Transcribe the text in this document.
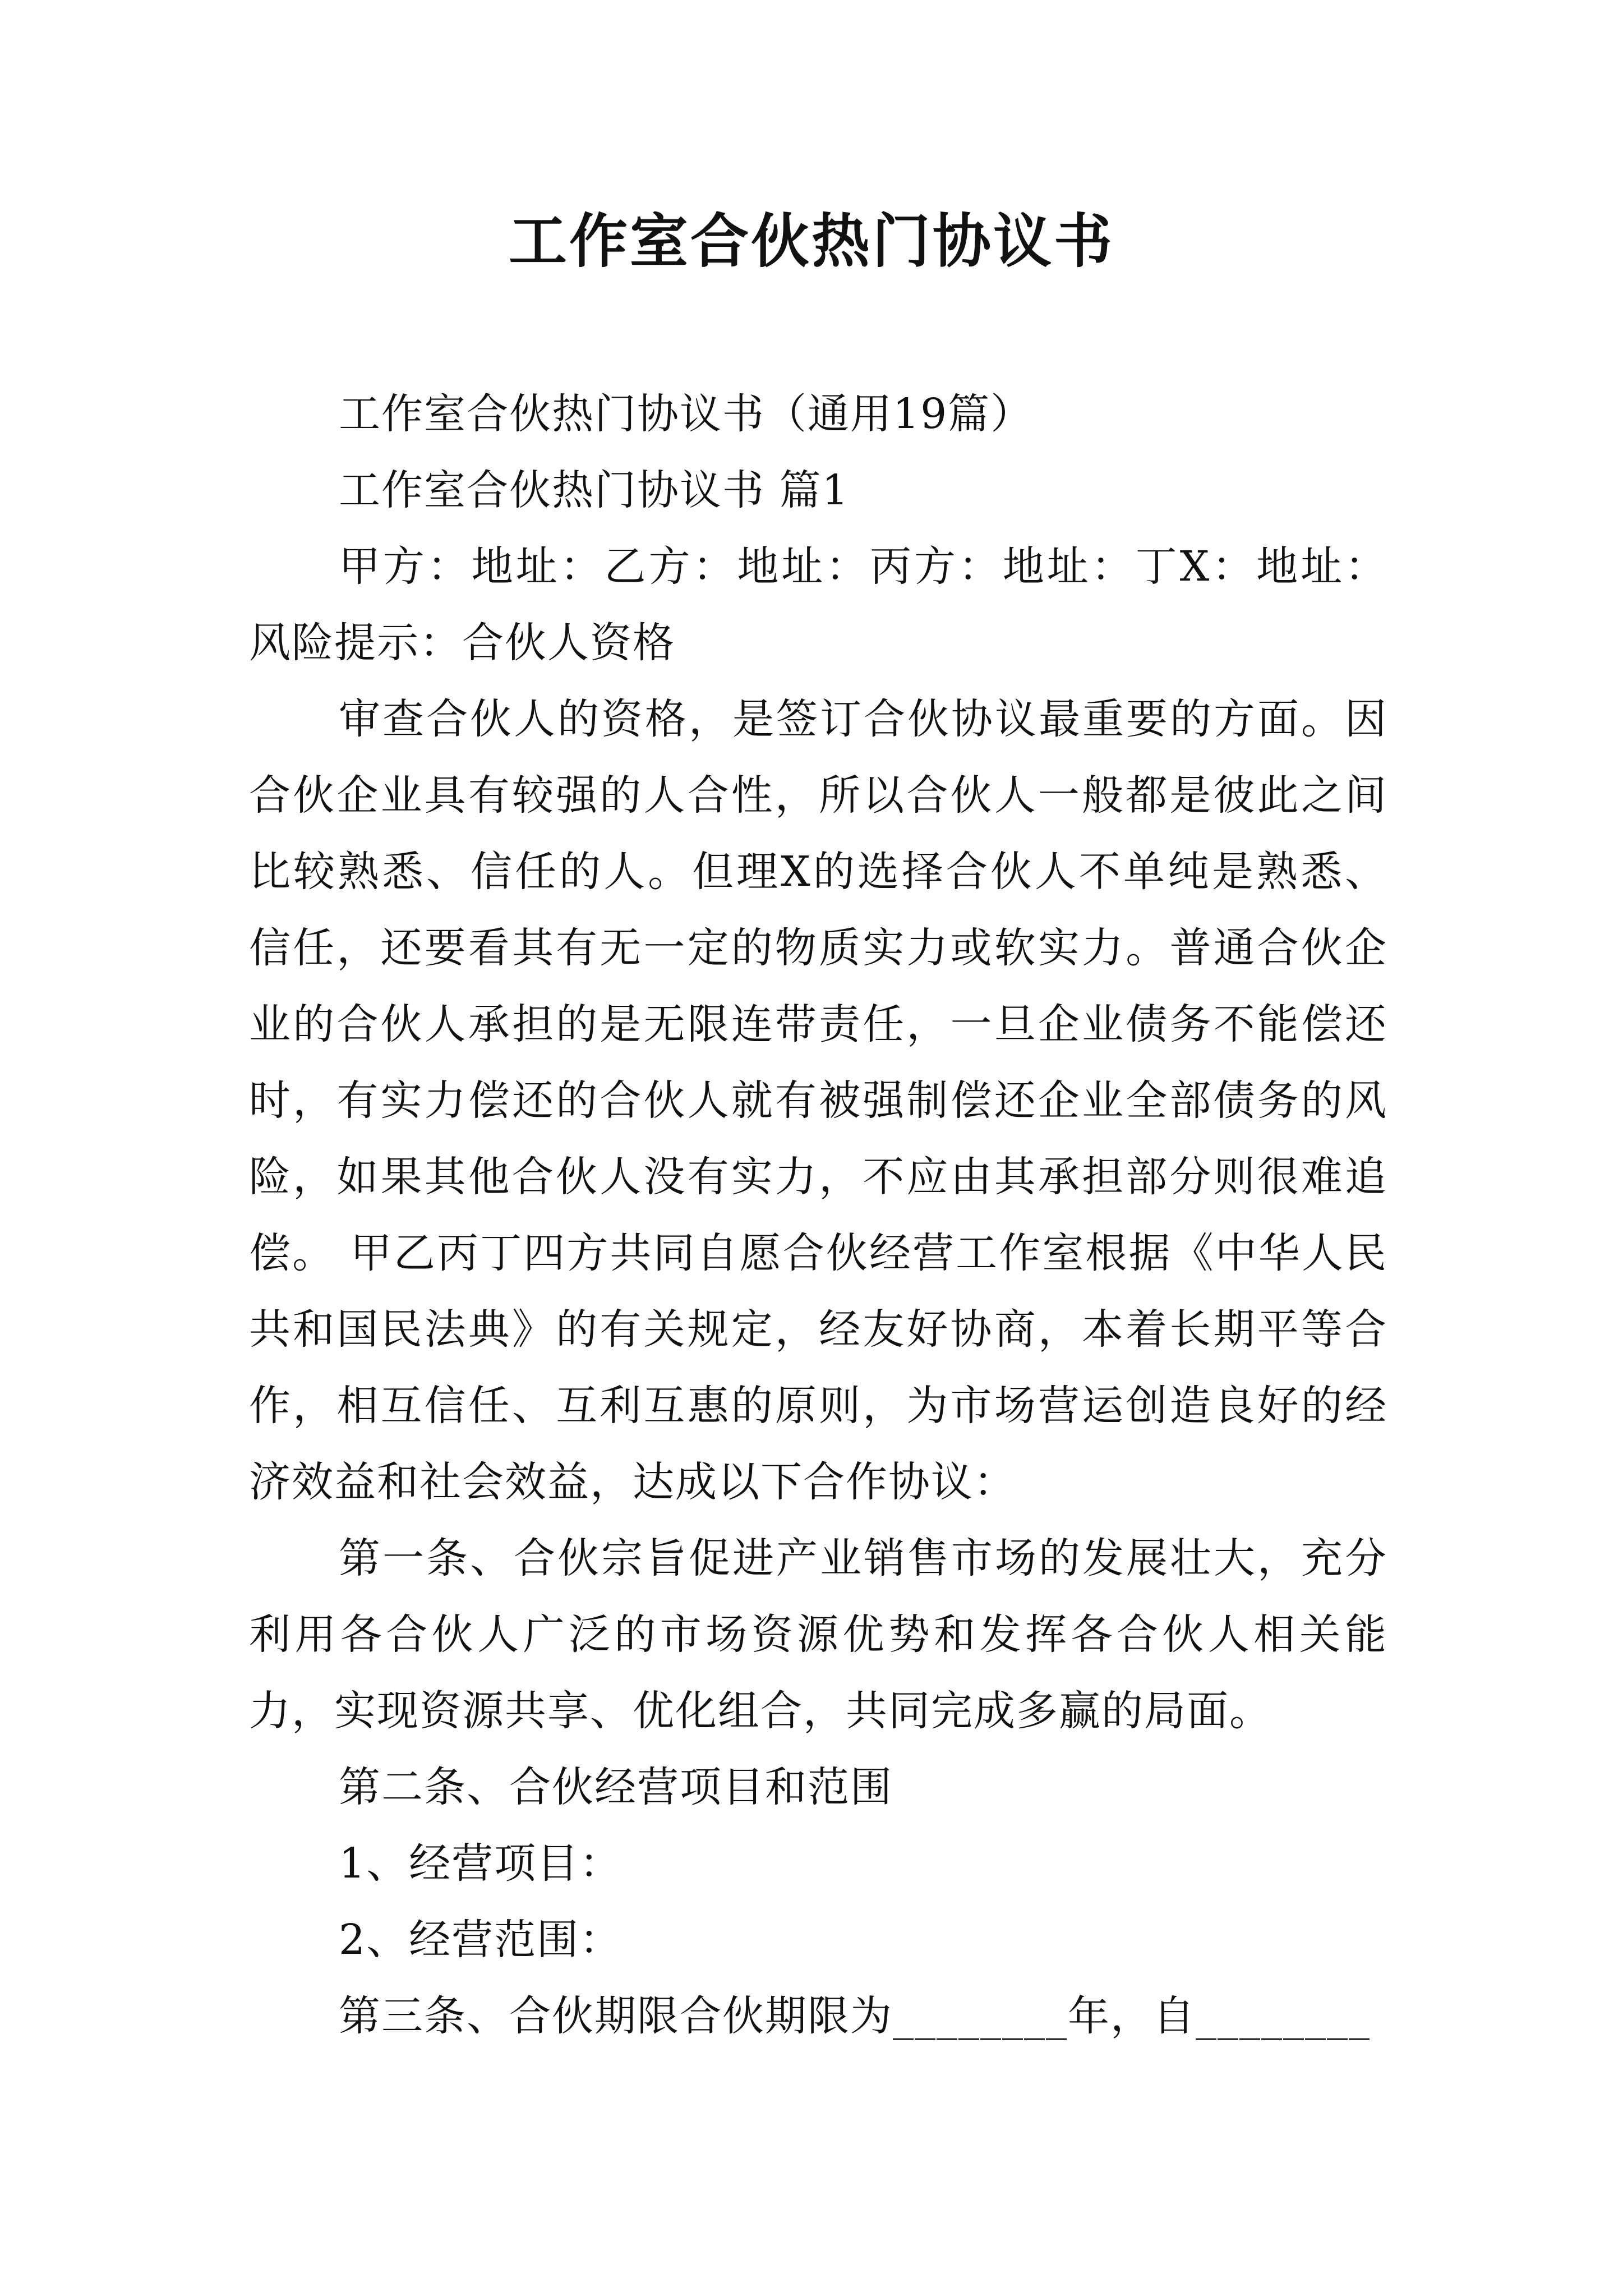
工作室合伙热门协议书

工作室合伙热门协议书（通用19篇）

工作室合伙热门协议书 篇1

甲方：地址：乙方：地址：丙方：地址：丁X：地址：风险提示：合伙人资格

审查合伙人的资格，是签订合伙协议最重要的方面。因合伙企业具有较强的人合性，所以合伙人一般都是彼此之间比较熟悉、信任的人。但理X的选择合伙人不单纯是熟悉、信任，还要看其有无一定的物质实力或软实力。普通合伙企业的合伙人承担的是无限连带责任，一旦企业债务不能偿还时，有实力偿还的合伙人就有被强制偿还企业全部债务的风险，如果其他合伙人没有实力，不应由其承担部分则很难追偿。 甲乙丙丁四方共同自愿合伙经营工作室根据《中华人民共和国民法典》的有关规定，经友好协商，本着长期平等合作，相互信任、互利互惠的原则，为市场营运创造良好的经济效益和社会效益，达成以下合作协议：

第一条、合伙宗旨促进产业销售市场的发展壮大，充分利用各合伙人广泛的市场资源优势和发挥各合伙人相关能力，实现资源共享、优化组合，共同完成多赢的局面。

第二条、合伙经营项目和范围

1、经营项目：

2、经营范围：

第三条、合伙期限合伙期限为________年，自________
